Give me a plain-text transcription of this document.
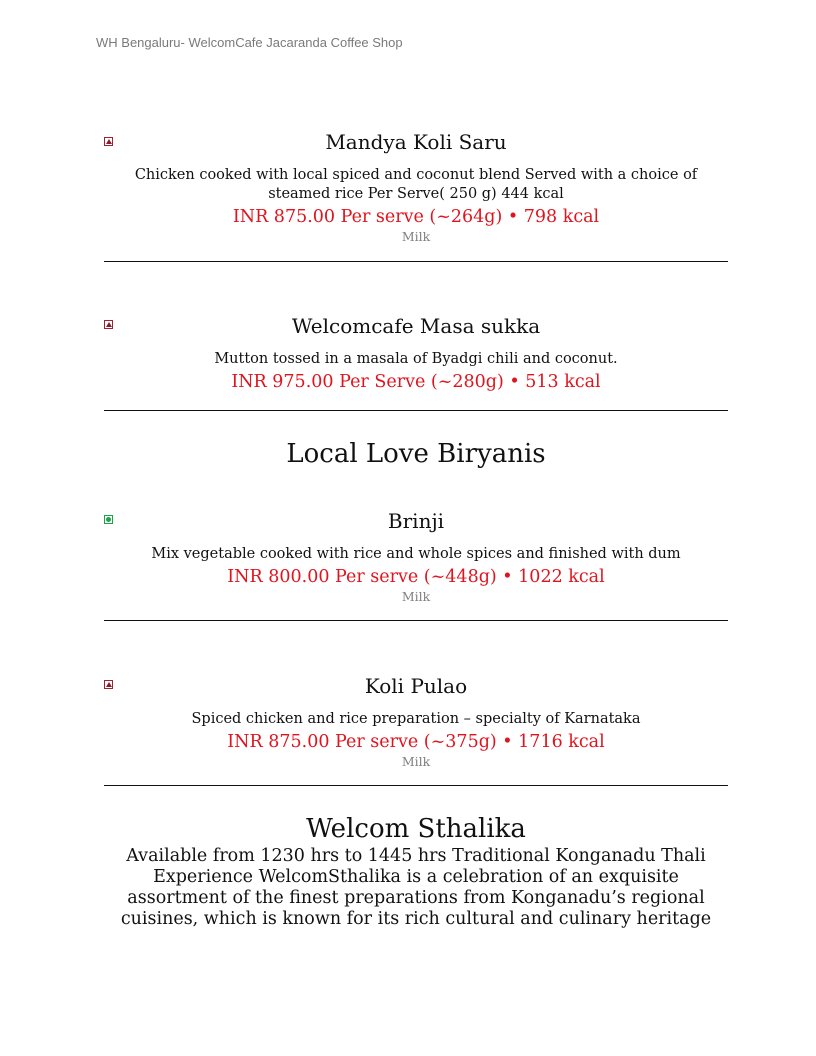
WH Bengaluru- WelcomCafe Jacaranda Coffee Shop
Mandya Koli Saru
Chicken cooked with local spiced and coconut blend Served with a choice of steamed rice Per Serve( 250 g) 444 kcal
INR 875.00 Per serve (~264g) • 798 kcal
Milk
Welcomcafe Masa sukka
Mutton tossed in a masala of Byadgi chili and coconut.
INR 975.00 Per Serve (~280g) • 513 kcal
Local Love Biryanis
Brinji
Mix vegetable cooked with rice and whole spices and finished with dum
INR 800.00 Per serve (~448g) • 1022 kcal
Milk
Koli Pulao
Spiced chicken and rice preparation – specialty of Karnataka
INR 875.00 Per serve (~375g) • 1716 kcal
Milk
Welcom Sthalika
Available from 1230 hrs to 1445 hrs Traditional Konganadu Thali Experience WelcomSthalika is a celebration of an exquisite assortment of the finest preparations from Konganadu’s regional cuisines, which is known for its rich cultural and culinary heritage
